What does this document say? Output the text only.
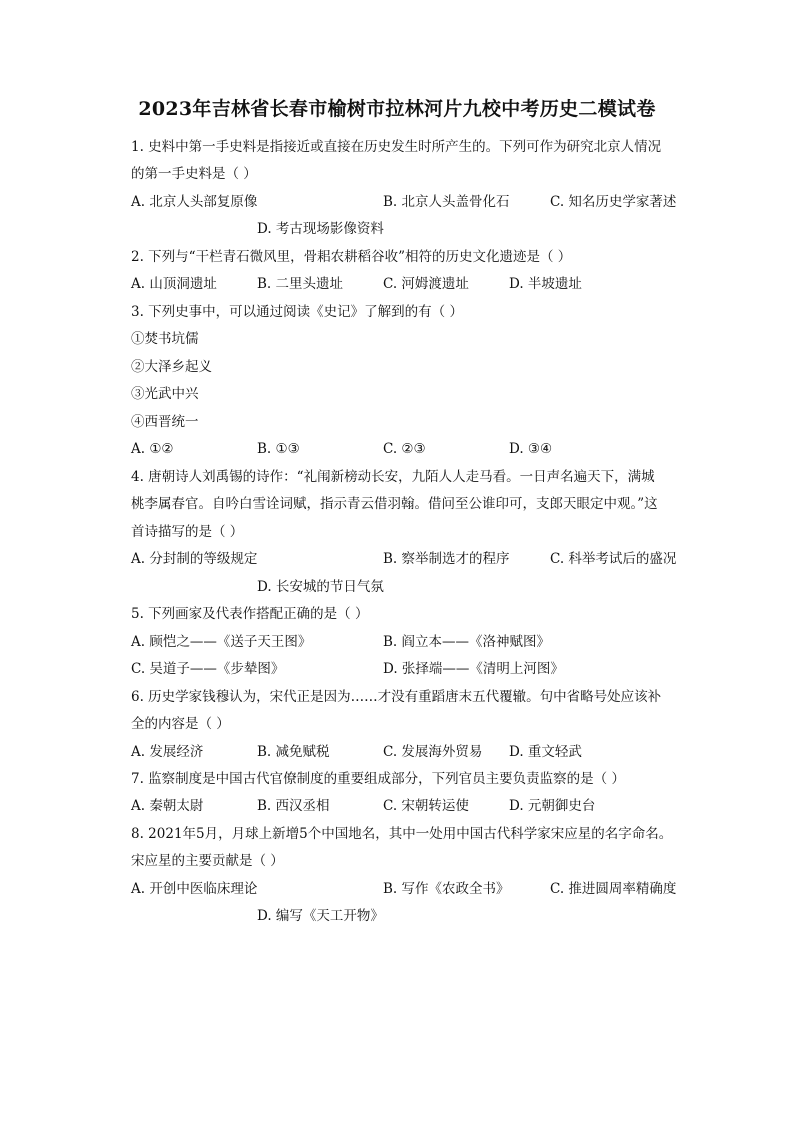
2023年吉林省长春市榆树市拉林河片九校中考历史二模试卷
1. 史料中第一手史料是指接近或直接在历史发生时所产生的。下列可作为研究北京人情况
的第一手史料是（ ）
A. 北京人头部复原像	B. 北京人头盖骨化石	C. 知名历史学家著述
D. 考古现场影像资料
2. 下列与“干栏青石微风里，骨耜农耕稻谷收”相符的历史文化遗迹是（ ）
A. 山顶洞遗址	B. 二里头遗址	C. 河姆渡遗址	D. 半坡遗址
3. 下列史事中，可以通过阅读《史记》了解到的有（ ）
①焚书坑儒
②大泽乡起义
③光武中兴
④西晋统一
A. ①②	B. ①③	C. ②③	D. ③④
4. 唐朝诗人刘禹锡的诗作：“礼闱新榜动长安，九陌人人走马看。一日声名遍天下，满城
桃李属春官。自吟白雪诠词赋，指示青云借羽翰。借问至公谁印可，支郎天眼定中观。”这
首诗描写的是（ ）
A. 分封制的等级规定	B. 察举制选才的程序	C. 科举考试后的盛况
D. 长安城的节日气氛
5. 下列画家及代表作搭配正确的是（ ）
A. 顾恺之——《送子天王图》	B. 阎立本——《洛神赋图》
C. 吴道子——《步辇图》	D. 张择端——《清明上河图》
6. 历史学家钱穆认为，宋代正是因为……才没有重蹈唐末五代覆辙。句中省略号处应该补
全的内容是（ ）
A. 发展经济	B. 减免赋税	C. 发展海外贸易 D. 重文轻武
7. 监察制度是中国古代官僚制度的重要组成部分，下列官员主要负责监察的是（ ）
A. 秦朝太尉	B. 西汉丞相	C. 宋朝转运使	D. 元朝御史台
8. 2021年5月，月球上新增5个中国地名，其中一处用中国古代科学家宋应星的名字命名。
宋应星的主要贡献是（ ）
A. 开创中医临床理论	B. 写作《农政全书》	C. 推进圆周率精确度
D. 编写《天工开物》
